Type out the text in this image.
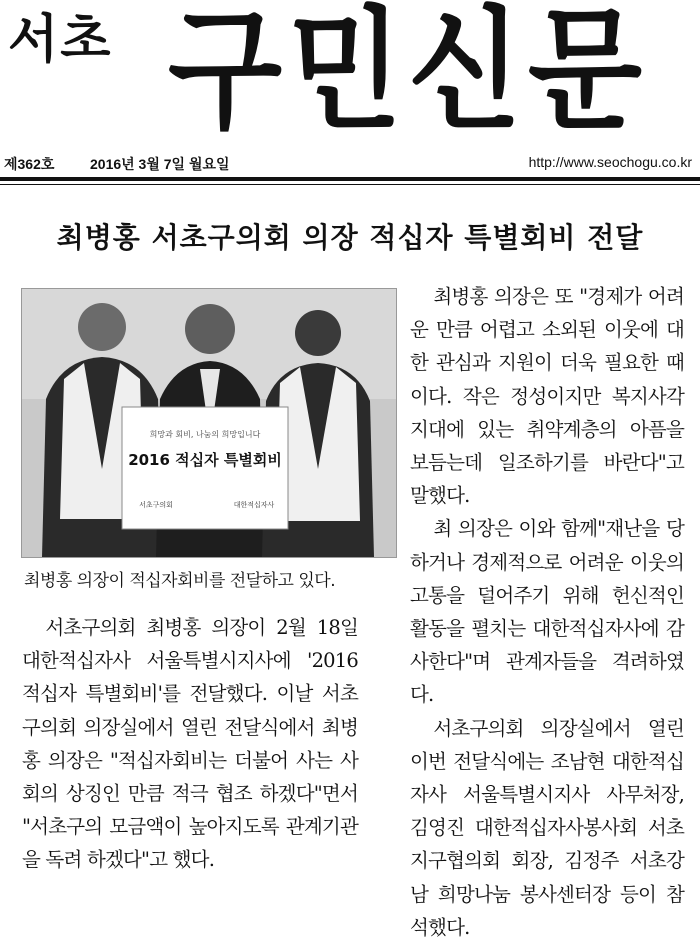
서초 구민신문
제362호	2016년 3월 7일 월요일	http://www.seochogu.co.kr
최병홍 서초구의회 의장 적십자 특별회비 전달
희망과 회비, 나눔의 희망입니다
2016 적십자 특별회비
서초구의회	대한적십자사
최병홍 의장이 적십자회비를 전달하고 있다.

서초구의회 최병홍 의장이 2월 18일 대한적십자사 서울특별시지사에 '2016 적십자 특별회비'를 전달했다. 이날 서초구의회 의장실에서 열린 전달식에서 최병홍 의장은 "적십자회비는 더불어 사는 사회의 상징인 만큼 적극 협조 하겠다"면서 "서초구의 모금액이 높아지도록 관계기관을 독려 하겠다"고 했다.

최병홍 의장은 또 "경제가 어려운 만큼 어렵고 소외된 이웃에 대한 관심과 지원이 더욱 필요한 때이다. 작은 정성이지만 복지사각지대에 있는 취약계층의 아픔을 보듬는데 일조하기를 바란다"고 말했다.

최 의장은 이와 함께"재난을 당하거나 경제적으로 어려운 이웃의 고통을 덜어주기 위해 헌신적인 활동을 펼치는 대한적십자사에 감사한다"며 관계자들을 격려하였다.

서초구의회 의장실에서 열린 이번 전달식에는 조남현 대한적십자사 서울특별시지사 사무처장, 김영진 대한적십자사봉사회 서초지구협의회 회장, 김정주 서초강남 희망나눔 봉사센터장 등이 참석했다.
